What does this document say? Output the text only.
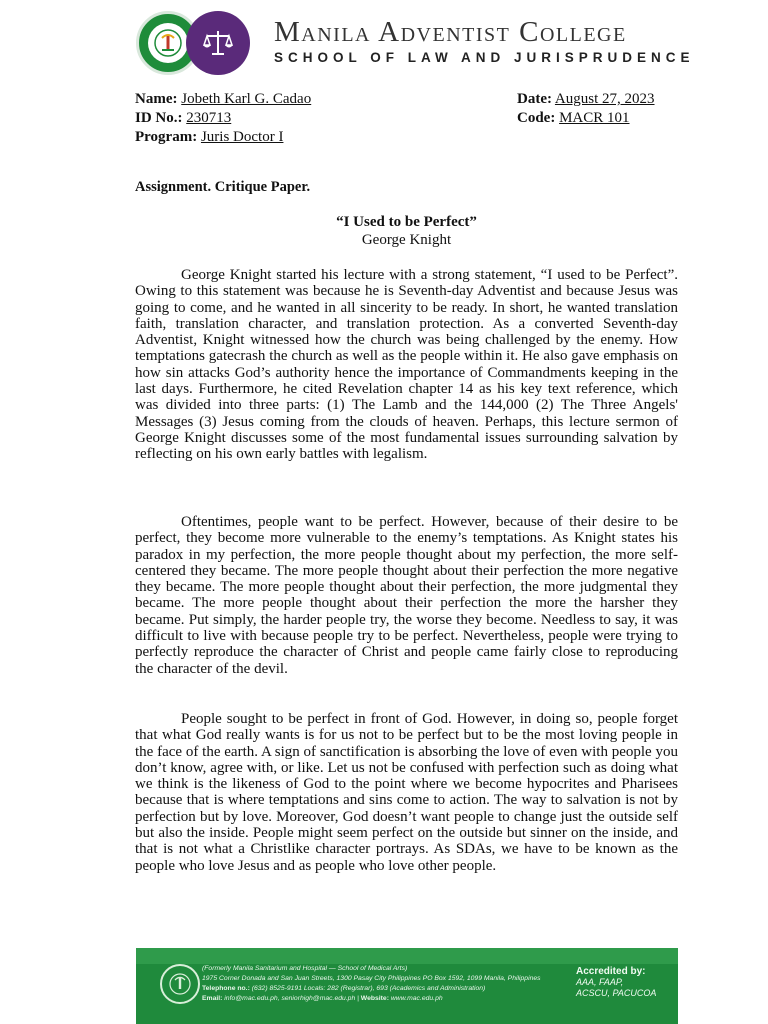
Manila Adventist College
SCHOOL OF LAW AND JURISPRUDENCE
Name: Jobeth Karl G. Cadao
ID No.: 230713
Program: Juris Doctor I
Date: August 27, 2023
Code: MACR 101
Assignment. Critique Paper.
“I Used to be Perfect”
George Knight

George Knight started his lecture with a strong statement, “I used to be Perfect”. Owing to this statement was because he is Seventh-day Adventist and because Jesus was going to come, and he wanted in all sincerity to be ready. In short, he wanted translation faith, translation character, and translation protection. As a converted Seventh-day Adventist, Knight witnessed how the church was being challenged by the enemy. How temptations gatecrash the church as well as the people within it. He also gave emphasis on how sin attacks God’s authority hence the importance of Commandments keeping in the last days. Furthermore, he cited Revelation chapter 14 as his key text reference, which was divided into three parts: (1) The Lamb and the 144,000 (2) The Three Angels' Messages (3) Jesus coming from the clouds of heaven. Perhaps, this lecture sermon of George Knight discusses some of the most fundamental issues surrounding salvation by reflecting on his own early battles with legalism.

Oftentimes, people want to be perfect. However, because of their desire to be perfect, they become more vulnerable to the enemy’s temptations. As Knight states his paradox in my perfection, the more people thought about my perfection, the more self-centered they became. The more people thought about their perfection the more negative they became. The more people thought about their perfection, the more judgmental they became. The more people thought about their perfection the more the harsher they became. Put simply, the harder people try, the worse they become. Needless to say, it was difficult to live with because people try to be perfect. Nevertheless, people were trying to perfectly reproduce the character of Christ and people came fairly close to reproducing the character of the devil.

People sought to be perfect in front of God. However, in doing so, people forget that what God really wants is for us not to be perfect but to be the most loving people in the face of the earth. A sign of sanctification is absorbing the love of even with people you don’t know, agree with, or like. Let us not be confused with perfection such as doing what we think is the likeness of God to the point where we become hypocrites and Pharisees because that is where temptations and sins come to action. The way to salvation is not by perfection but by love. Moreover, God doesn’t want people to change just the outside self but also the inside. People might seem perfect on the outside but sinner on the inside, and that is not what a Christlike character portrays. As SDAs, we have to be known as the people who love Jesus and as people who love other people.

(Formerly Manila Sanitarium and Hospital — School of Medical Arts)
1975 Corner Donada and San Juan Streets, 1300 Pasay City Philippines PO Box 1592, 1099 Manila, Philippines
Telephone no.: (632) 8525-9191 Locals: 282 (Registrar), 693 (Academics and Administration)
Email: info@mac.edu.ph, seniorhigh@mac.edu.ph | Website: www.mac.edu.ph
Accredited by:
AAA, FAAP,
ACSCU, PACUCOA
